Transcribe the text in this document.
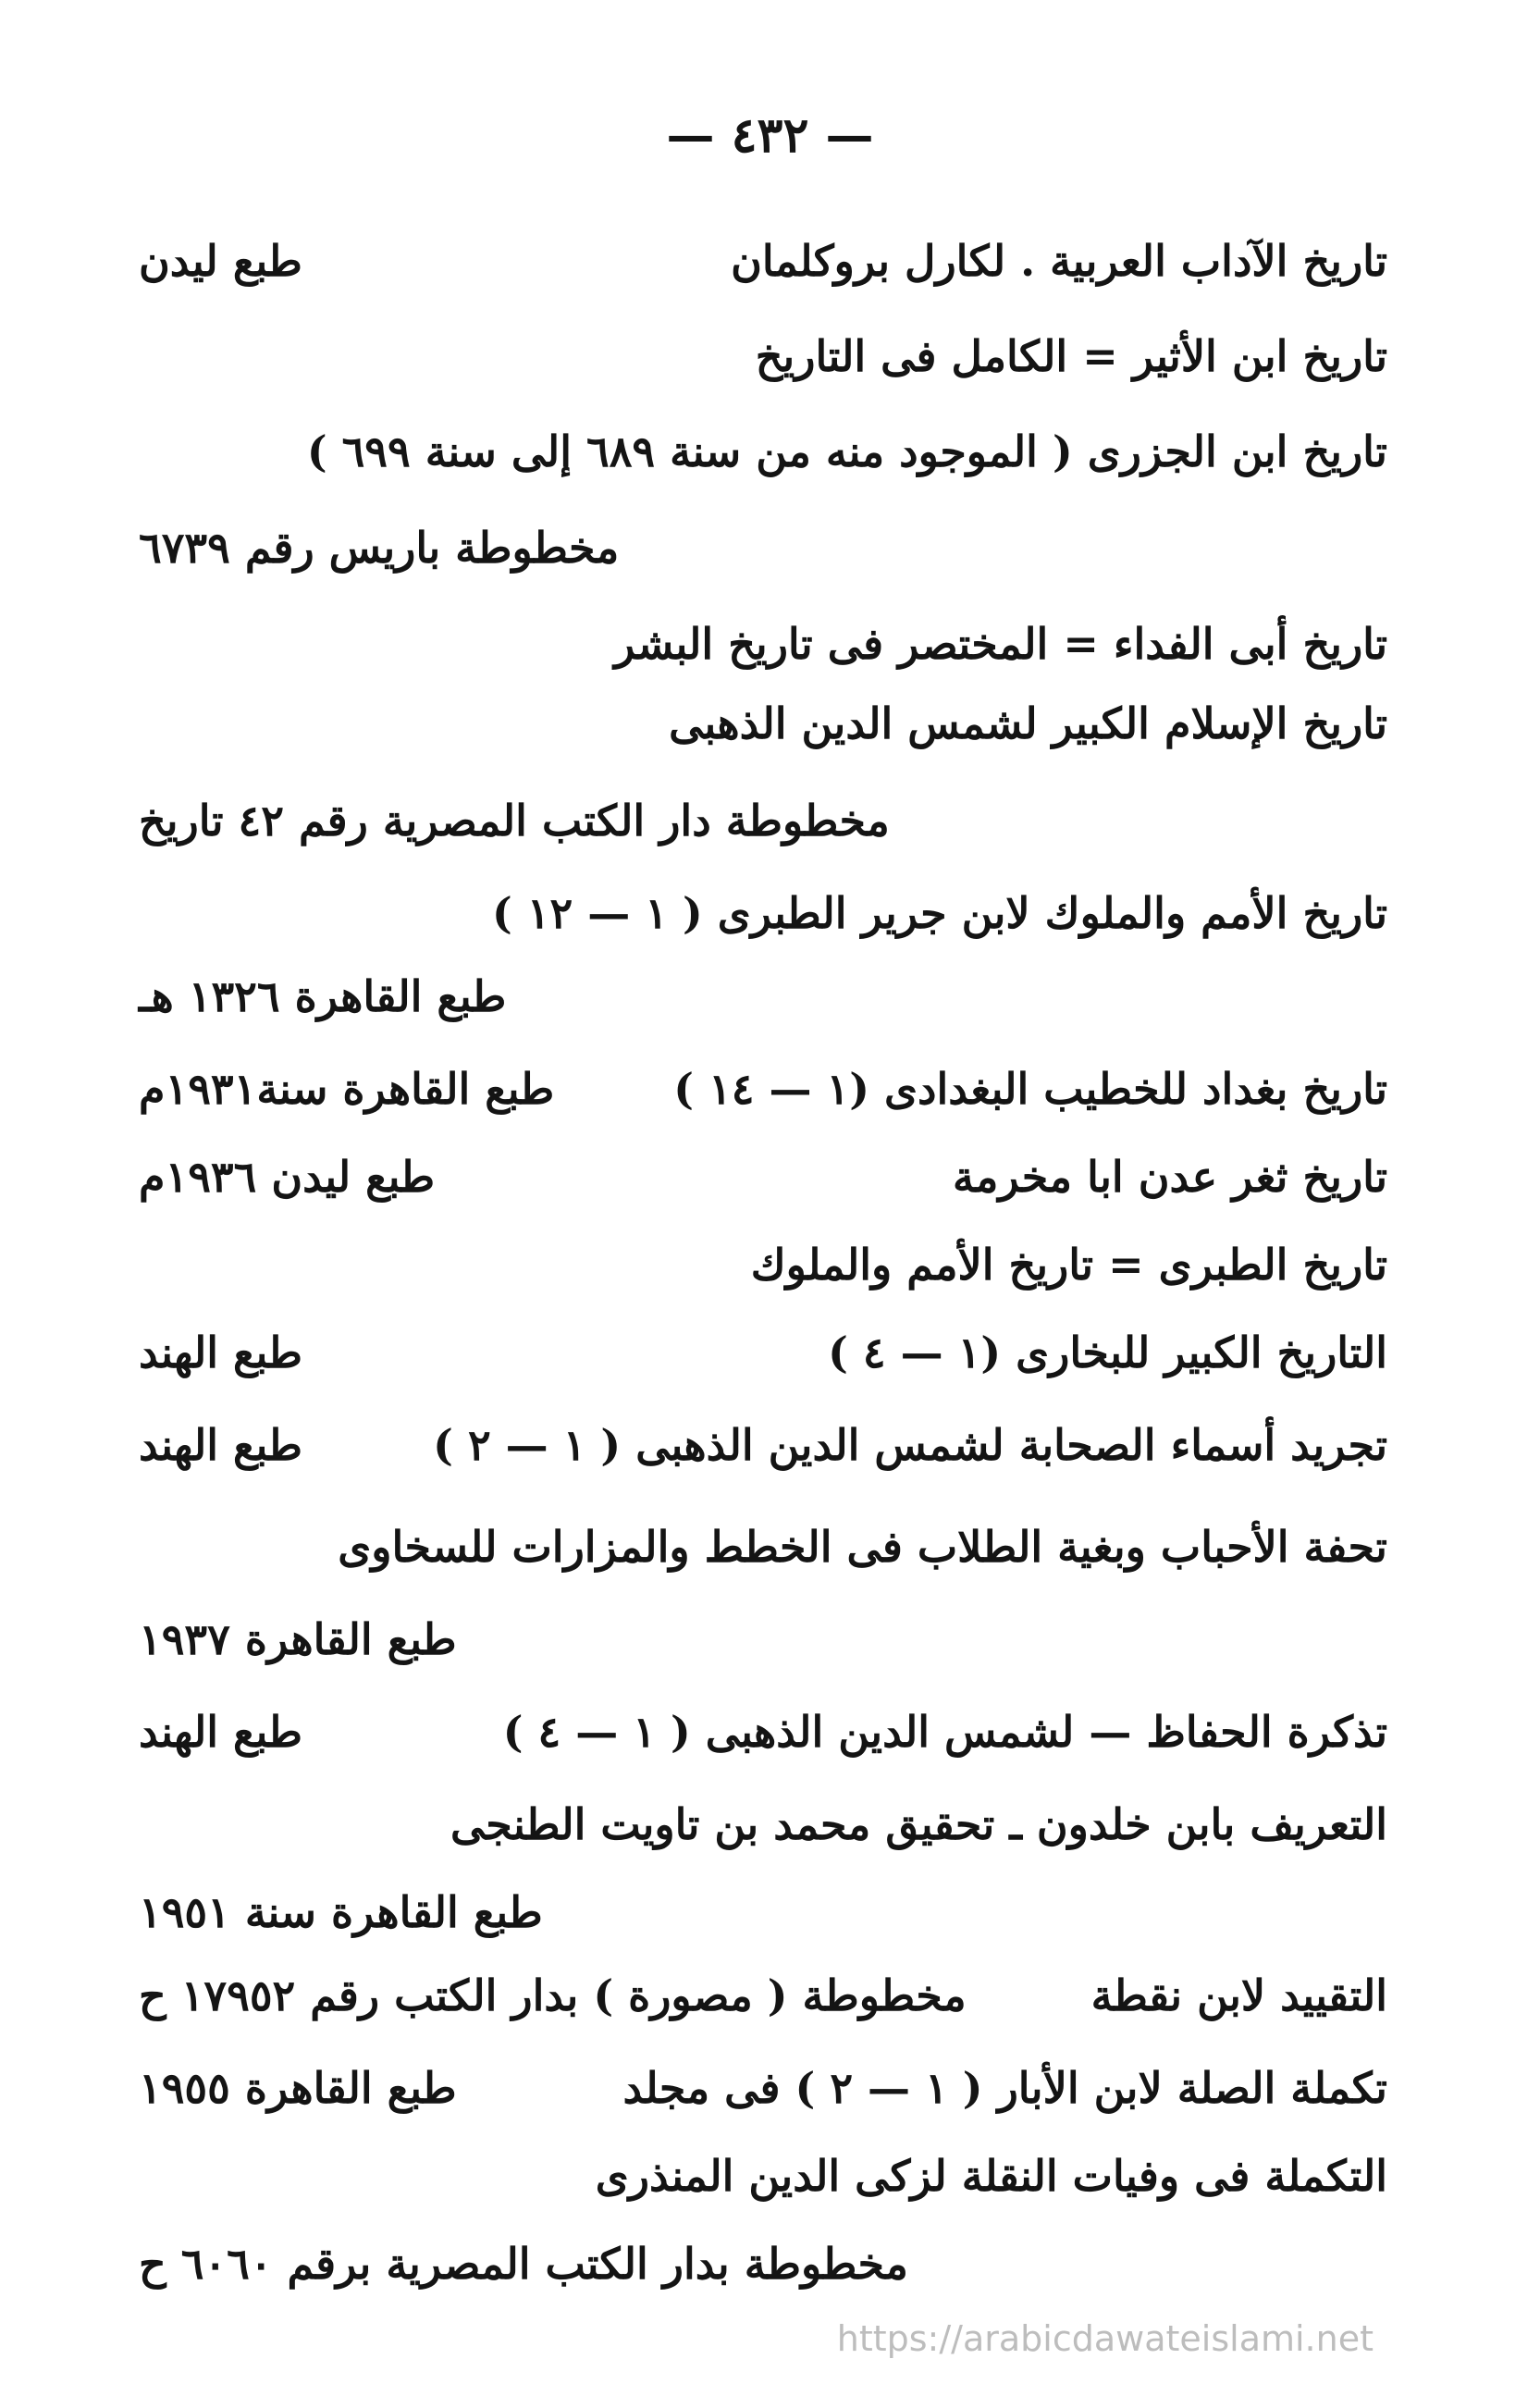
— ٤٣٢ —
تاريخ الآداب العربية . لكارل بروكلمان
طبع ليدن
تاريخ ابن الأثير = الكامل فى التاريخ
تاريخ ابن الجزرى ( الموجود منه من سنة ٦٨٩ إلى سنة ٦٩٩ )
مخطوطة باريس رقم ٦٧٣٩
تاريخ أبى الفداء = المختصر فى تاريخ البشر
تاريخ الإسلام الكبير لشمس الدين الذهبى
مخطوطة دار الكتب المصرية رقم ٤٢ تاريخ
تاريخ الأمم والملوك لابن جرير الطبرى ( ١ — ١٢ )
طبع القاهرة ١٣٢٦ هـ
تاريخ بغداد للخطيب البغدادى (١ — ١٤ )
طبع القاهرة سنة١٩٣١م
تاريخ ثغر عدن ابا مخرمة
طبع ليدن ١٩٣٦م
تاريخ الطبرى = تاريخ الأمم والملوك
التاريخ الكبير للبخارى (١ — ٤ )
طبع الهند
تجريد أسماء الصحابة لشمس الدين الذهبى ( ١ — ٢ )
طبع الهند
تحفة الأحباب وبغية الطلاب فى الخطط والمزارات للسخاوى
طبع القاهرة ١٩٣٧
تذكرة الحفاظ — لشمس الدين الذهبى ( ١ — ٤ )
طبع الهند
التعريف بابن خلدون ـ تحقيق محمد بن تاويت الطنجى
طبع القاهرة سنة ١٩٥١
التقييد لابن نقطة
مخطوطة ( مصورة ) بدار الكتب رقم ١٧٩٥٢ ح
تكملة الصلة لابن الأبار ( ١ — ٢ ) فى مجلد
طبع القاهرة ١٩٥٥
التكملة فى وفيات النقلة لزكى الدين المنذرى
مخطوطة بدار الكتب المصرية برقم ٦٠٦٠ ح
https://arabicdawateislami.net
